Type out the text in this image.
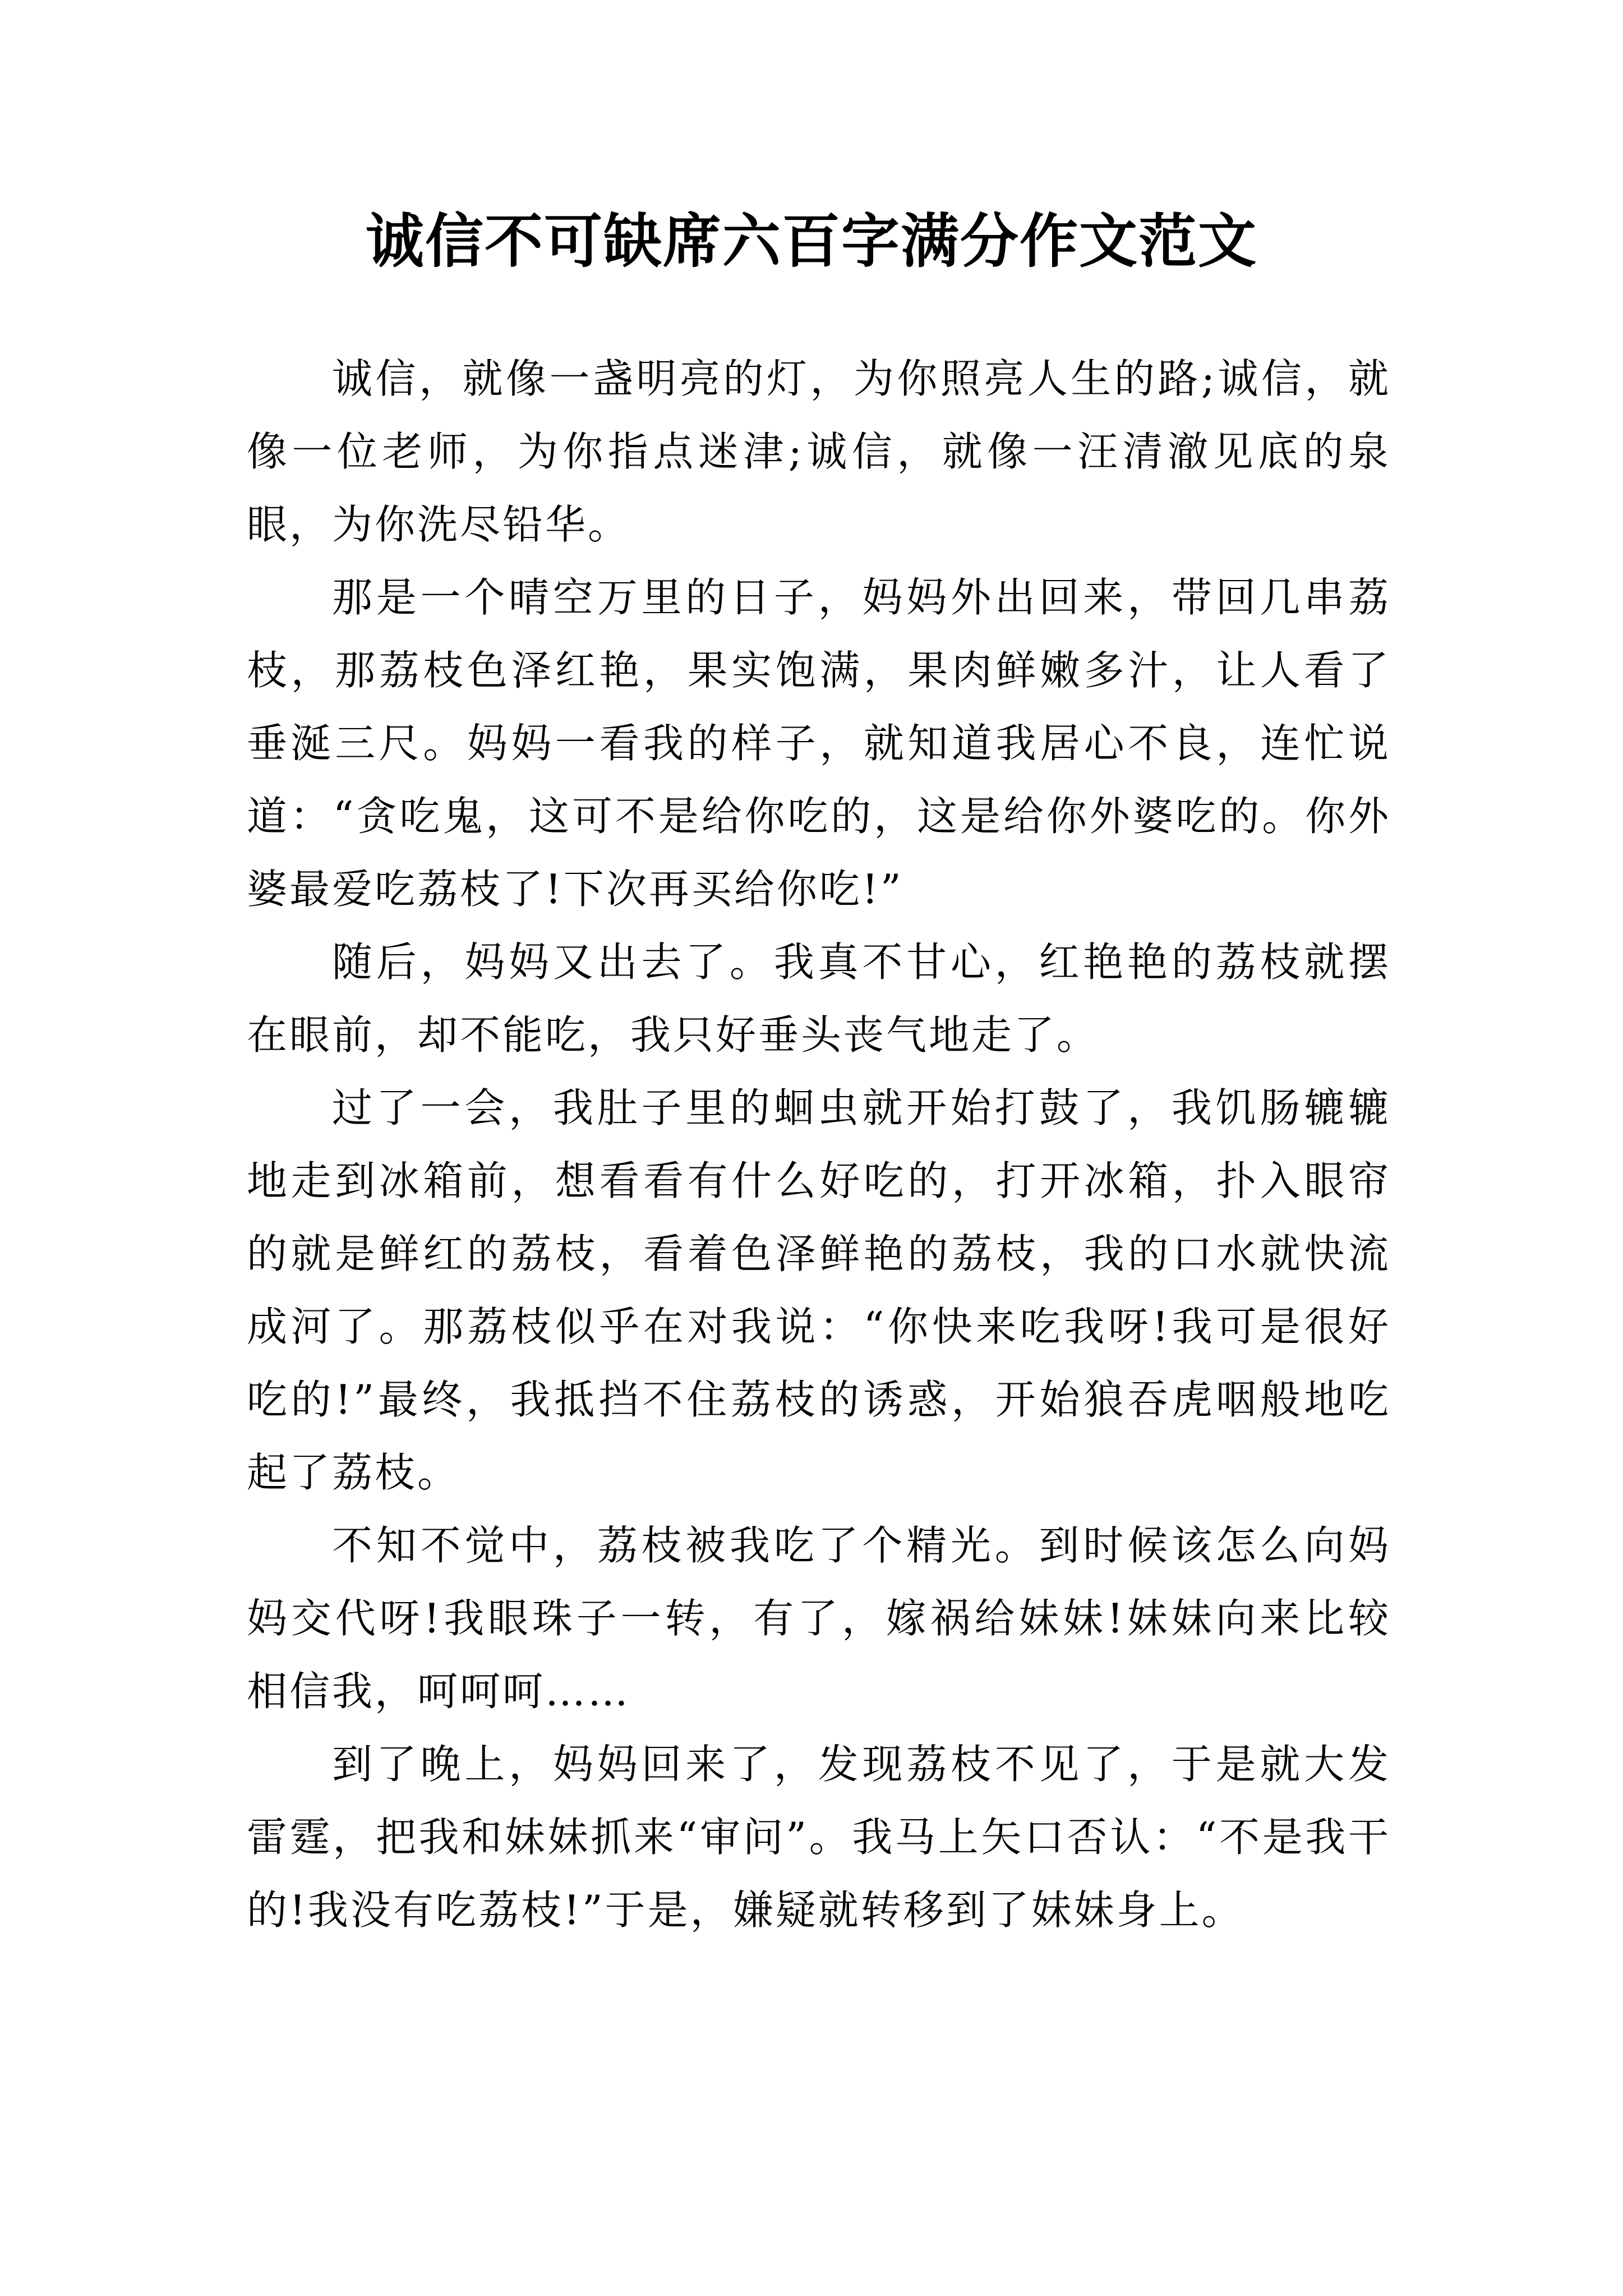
诚信不可缺席六百字满分作文范文

诚信，就像一盏明亮的灯，为你照亮人生的路;诚信，就像一位老师，为你指点迷津;诚信，就像一汪清澈见底的泉眼，为你洗尽铅华。

那是一个晴空万里的日子，妈妈外出回来，带回几串荔枝，那荔枝色泽红艳，果实饱满，果肉鲜嫩多汁，让人看了垂涎三尺。妈妈一看我的样子，就知道我居心不良，连忙说道：“贪吃鬼，这可不是给你吃的，这是给你外婆吃的。你外婆最爱吃荔枝了!下次再买给你吃!”

随后，妈妈又出去了。我真不甘心，红艳艳的荔枝就摆在眼前，却不能吃，我只好垂头丧气地走了。

过了一会，我肚子里的蛔虫就开始打鼓了，我饥肠辘辘地走到冰箱前，想看看有什么好吃的，打开冰箱，扑入眼帘的就是鲜红的荔枝，看着色泽鲜艳的荔枝，我的口水就快流成河了。那荔枝似乎在对我说：“你快来吃我呀!我可是很好吃的!”最终，我抵挡不住荔枝的诱惑，开始狼吞虎咽般地吃起了荔枝。

不知不觉中，荔枝被我吃了个精光。到时候该怎么向妈妈交代呀!我眼珠子一转，有了，嫁祸给妹妹!妹妹向来比较相信我，呵呵呵……

到了晚上，妈妈回来了，发现荔枝不见了，于是就大发雷霆，把我和妹妹抓来“审问”。我马上矢口否认：“不是我干的!我没有吃荔枝!”于是，嫌疑就转移到了妹妹身上。
